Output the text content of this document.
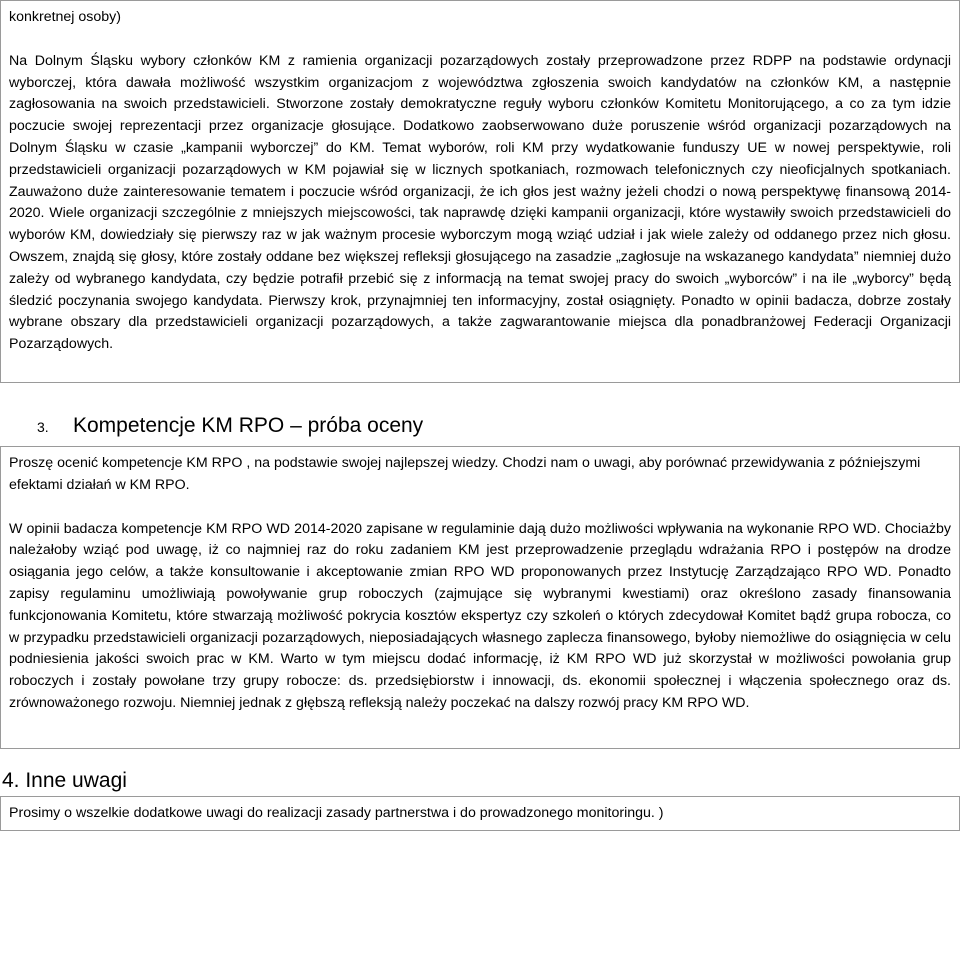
konkretnej osoby)

Na Dolnym Śląsku wybory członków KM z ramienia organizacji pozarządowych zostały przeprowadzone przez RDPP na podstawie ordynacji wyborczej, która dawała możliwość wszystkim organizacjom z województwa zgłoszenia swoich kandydatów na członków KM, a następnie zagłosowania na swoich przedstawicieli. Stworzone zostały demokratyczne reguły wyboru członków Komitetu Monitorującego, a co za tym idzie poczucie swojej reprezentacji przez organizacje głosujące. Dodatkowo zaobserwowano duże poruszenie wśród organizacji pozarządowych na Dolnym Śląsku w czasie „kampanii wyborczej” do KM. Temat wyborów, roli KM przy wydatkowanie funduszy UE w nowej perspektywie, roli przedstawicieli organizacji pozarządowych w KM pojawiał się w licznych spotkaniach, rozmowach telefonicznych czy nieoficjalnych spotkaniach. Zauważono duże zainteresowanie tematem i poczucie wśród organizacji, że ich głos jest ważny jeżeli chodzi o nową perspektywę finansową 2014-2020. Wiele organizacji szczególnie z mniejszych miejscowości, tak naprawdę dzięki kampanii organizacji, które wystawiły swoich przedstawicieli do wyborów KM, dowiedziały się pierwszy raz w jak ważnym procesie wyborczym mogą wziąć udział i jak wiele zależy od oddanego przez nich głosu. Owszem, znajdą się głosy, które zostały oddane bez większej refleksji głosującego na zasadzie „zagłosuje na wskazanego kandydata” niemniej dużo zależy od wybranego kandydata, czy będzie potrafił przebić się z informacją na temat swojej pracy do swoich „wyborców” i na ile „wyborcy” będą śledzić poczynania swojego kandydata. Pierwszy krok, przynajmniej ten informacyjny, został osiągnięty. Ponadto w opinii badacza, dobrze zostały wybrane obszary dla przedstawicieli organizacji pozarządowych, a także zagwarantowanie miejsca dla ponadbranżowej Federacji Organizacji Pozarządowych.

3.	Kompetencje KM RPO – próba oceny

Proszę ocenić kompetencje KM RPO , na podstawie swojej najlepszej wiedzy. Chodzi nam o uwagi, aby porównać przewidywania z późniejszymi efektami działań w KM RPO.

W opinii badacza kompetencje KM RPO WD 2014-2020 zapisane w regulaminie dają dużo możliwości wpływania na wykonanie RPO WD. Chociażby należałoby wziąć pod uwagę, iż co najmniej raz do roku zadaniem KM jest przeprowadzenie przeglądu wdrażania RPO i postępów na drodze osiągania jego celów, a także konsultowanie i akceptowanie zmian RPO WD proponowanych przez Instytucję Zarządzająco RPO WD. Ponadto zapisy regulaminu umożliwiają powoływanie grup roboczych (zajmujące się wybranymi kwestiami) oraz określono zasady finansowania funkcjonowania Komitetu, które stwarzają możliwość pokrycia kosztów ekspertyz czy szkoleń o których zdecydował Komitet bądź grupa robocza, co w przypadku przedstawicieli organizacji pozarządowych, nieposiadających własnego zaplecza finansowego, byłoby niemożliwe do osiągnięcia w celu podniesienia jakości swoich prac w KM. Warto w tym miejscu dodać informację, iż KM RPO WD już skorzystał w możliwości powołania grup roboczych i zostały powołane trzy grupy robocze: ds. przedsiębiorstw i innowacji, ds. ekonomii społecznej i włączenia społecznego oraz ds. zrównoważonego rozwoju. Niemniej jednak z głębszą refleksją należy poczekać na dalszy rozwój pracy KM RPO WD.

4. Inne uwagi

Prosimy o wszelkie dodatkowe uwagi do realizacji zasady partnerstwa i do prowadzonego monitoringu. )
